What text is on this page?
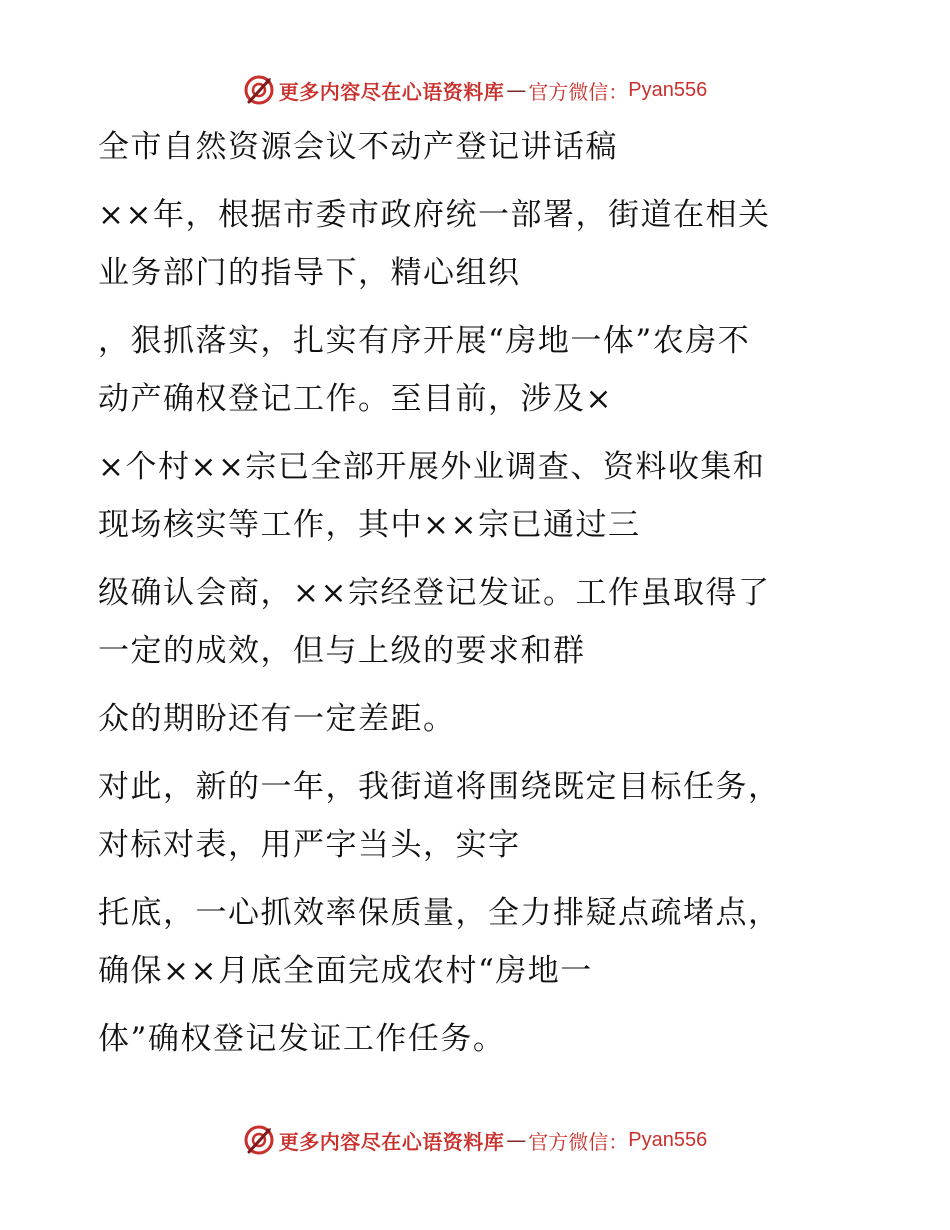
更多内容尽在心语资料库 — 官方微信： Pyan556
全市自然资源会议不动产登记讲话稿
××年，根据市委市政府统一部署，街道在相关
业务部门的指导下，精心组织
，狠抓落实，扎实有序开展“房地一体”农房不
动产确权登记工作。至目前，涉及×
×个村××宗已全部开展外业调查、资料收集和
现场核实等工作，其中××宗已通过三
级确认会商，××宗经登记发证。工作虽取得了
一定的成效，但与上级的要求和群
众的期盼还有一定差距。
对此，新的一年，我街道将围绕既定目标任务，
对标对表，用严字当头，实字
托底，一心抓效率保质量，全力排疑点疏堵点，
确保××月底全面完成农村“房地一
体”确权登记发证工作任务。
更多内容尽在心语资料库 — 官方微信： Pyan556
